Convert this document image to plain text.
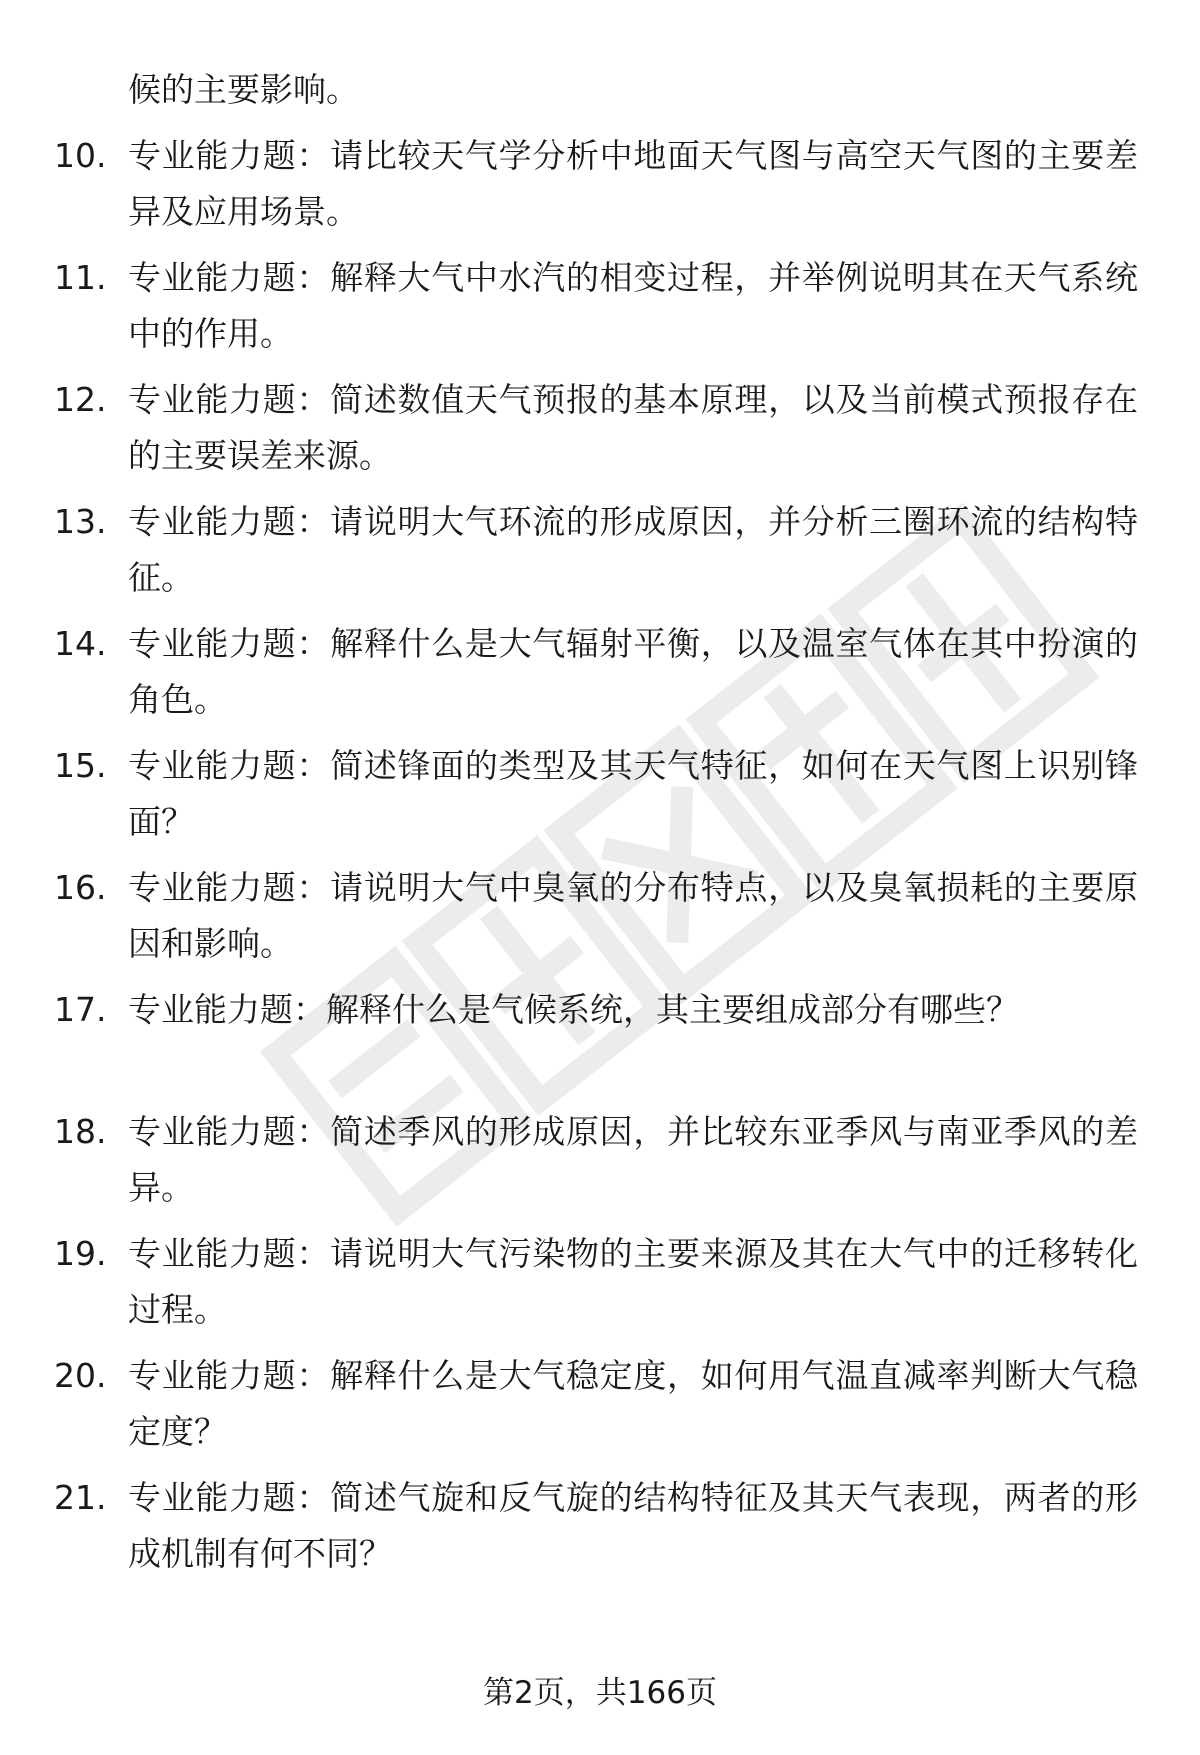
候的主要影响。

10. 专业能力题：请比较天气学分析中地面天气图与高空天气图的主要差异及应用场景。
11. 专业能力题：解释大气中水汽的相变过程，并举例说明其在天气系统中的作用。
12. 专业能力题：简述数值天气预报的基本原理，以及当前模式预报存在的主要误差来源。
13. 专业能力题：请说明大气环流的形成原因，并分析三圈环流的结构特征。
14. 专业能力题：解释什么是大气辐射平衡，以及温室气体在其中扮演的角色。
15. 专业能力题：简述锋面的类型及其天气特征，如何在天气图上识别锋面？
16. 专业能力题：请说明大气中臭氧的分布特点，以及臭氧损耗的主要原因和影响。
17. 专业能力题：解释什么是气候系统，其主要组成部分有哪些？
18. 专业能力题：简述季风的形成原因，并比较东亚季风与南亚季风的差异。
19. 专业能力题：请说明大气污染物的主要来源及其在大气中的迁移转化过程。
20. 专业能力题：解释什么是大气稳定度，如何用气温直减率判断大气稳定度？
21. 专业能力题：简述气旋和反气旋的结构特征及其天气表现，两者的形成机制有何不同？
第2页，共166页
